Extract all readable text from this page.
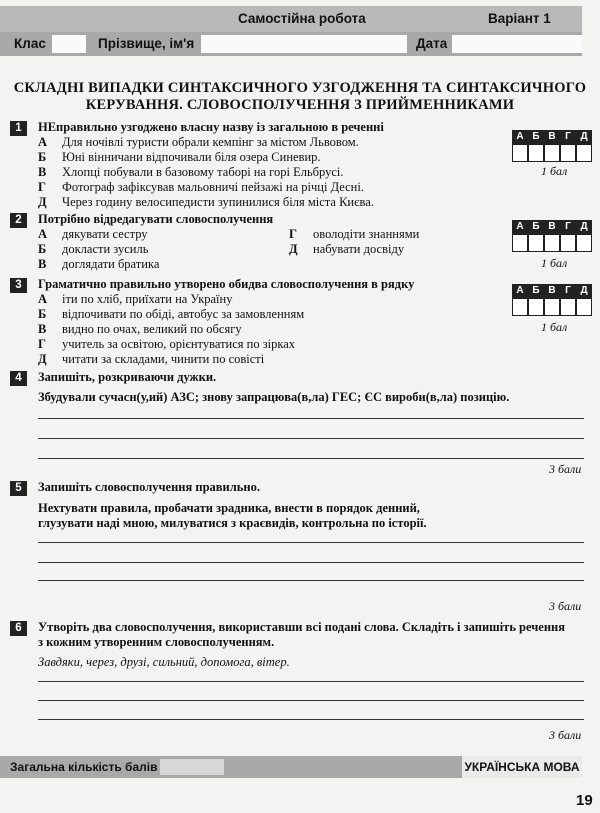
Самостійна робота	Варіант 1
Клас	Прізвище, ім'я	Дата
СКЛАДНІ ВИПАДКИ СИНТАКСИЧНОГО УЗГОДЖЕННЯ ТА СИНТАКСИЧНОГО
КЕРУВАННЯ. СЛОВОСПОЛУЧЕННЯ З ПРИЙМЕННИКАМИ
1	НЕправильно узгоджено власну назву із загальною в реченні
А Для ночівлі туристи обрали кемпінг за містом Львовом.
Б Юні вінничани відпочивали біля озера Синевир.
В Хлопці побували в базовому таборі на горі Ельбрусі.
Г Фотограф зафіксував мальовничі пейзажі на річці Десні.
Д Через годину велосипедисти зупинилися біля міста Києва.
А Б В Г Д
1 бал
2	Потрібно відредагувати словосполучення
А дякувати сестру
Б докласти зусиль
В доглядати братика
Г оволодіти знаннями
Д набувати досвіду
А Б В Г Д
1 бал
3	Граматично правильно утворено обидва словосполучення в рядку
А іти по хліб, приїхати на Україну
Б відпочивати по обіді, автобус за замовленням
В видно по очах, великий по обсягу
Г учитель за освітою, орієнтуватися по зірках
Д читати за складами, чинити по совісті
А Б В Г Д
1 бал
4	Запишіть, розкриваючи дужки.
Збудували сучасн(у,ий) АЗС; знову запрацюва(в,ла) ГЕС; ЄС вироби(в,ла) позицію.
3 бали
5	Запишіть словосполучення правильно.
Нехтувати правила, пробачати зрадника, внести в порядок денний,
глузувати наді мною, милуватися з краєвидів, контрольна по історії.
3 бали
6	Утворіть два словосполучення, використавши всі подані слова. Складіть і запишіть речення
з кожним утворенним словосполученням.
Завдяки, через, друзі, сильний, допомога, вітер.
3 бали
Загальна кількість балів	УКРАЇНСЬКА МОВА
19
